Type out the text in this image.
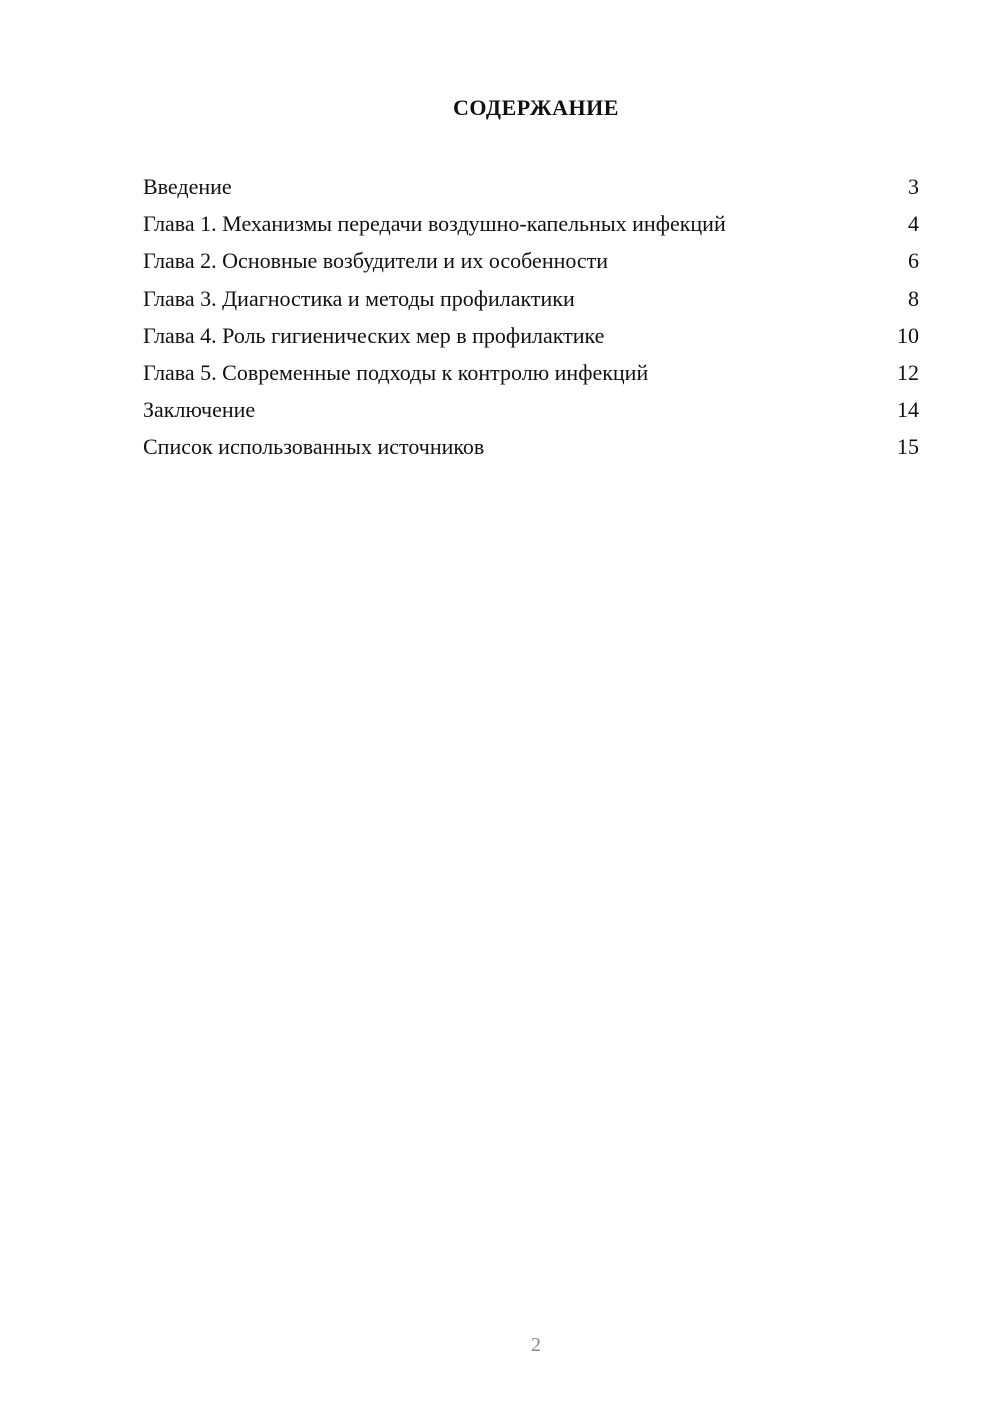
СОДЕРЖАНИЕ
Введение	3
Глава 1. Механизмы передачи воздушно-капельных инфекций	4
Глава 2. Основные возбудители и их особенности	6
Глава 3. Диагностика и методы профилактики	8
Глава 4. Роль гигиенических мер в профилактике	10
Глава 5. Современные подходы к контролю инфекций	12
Заключение	14
Список использованных источников	15
2
